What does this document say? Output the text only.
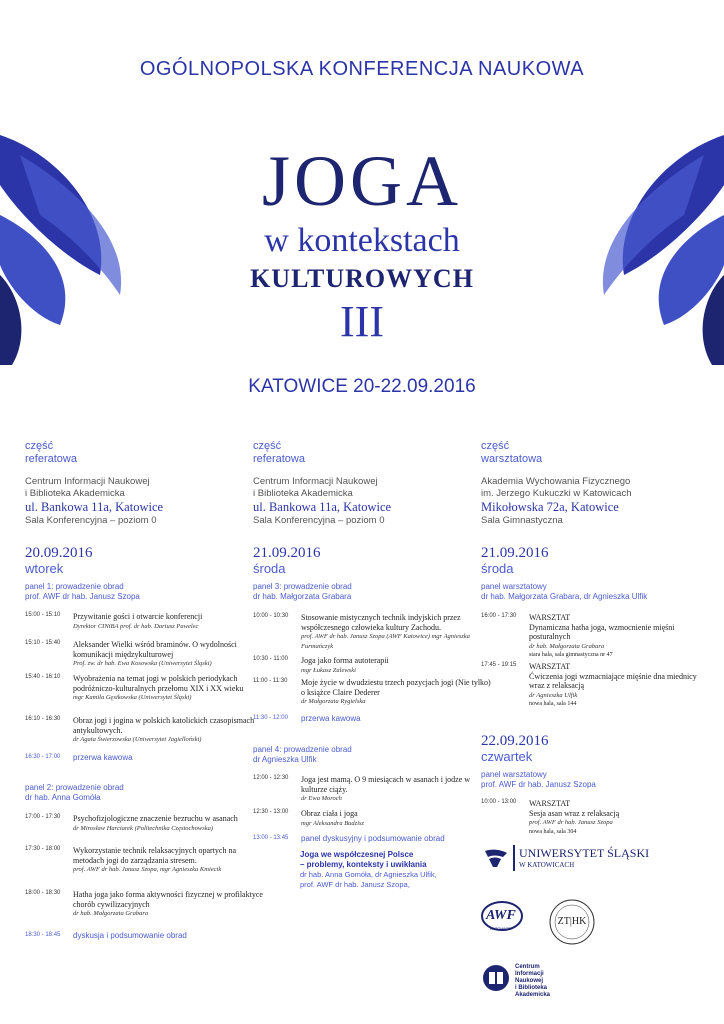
OGÓLNOPOLSKA KONFERENCJA NAUKOWA
JOGA
w kontekstach
KULTUROWYCH
III
KATOWICE 20-22.09.2016
część
referatowa
Centrum Informacji Naukowej
i Biblioteka Akademicka
ul. Bankowa 11a, Katowice
Sala Konferencyjna – poziom 0
część
referatowa
Centrum Informacji Naukowej
i Biblioteka Akademicka
ul. Bankowa 11a, Katowice
Sala Konferencyjna – poziom 0
część
warsztatowa
Akademia Wychowania Fizycznego
im. Jerzego Kukuczki w Katowicach
Mikołowska 72a, Katowice
Sala Gimnastyczna
20.09.2016
wtorek
panel 1: prowadzenie obrad
prof. AWF dr hab. Janusz Szopa
15:00 - 15:10 Przywitanie gości i otwarcie konferencji
Dyrektor CINiBA prof. dr hab. Dariusz Pawelec
15:10 - 15:40 Aleksander Wielki wśród braminów. O wydolności komunikacji międzykulturowej
Prof. zw. dr hab. Ewa Kosowska (Uniwersytet Śląski)
15:40 - 16:10 Wyobrażenia na temat jogi w polskich periodykach podróżniczo-kulturalnych przełomu XIX i XX wieku
mgr Kamila Gęsikowska (Uniwersytet Śląski)
16:10 - 16:30 Obraz jogi i jogina w polskich katolickich czasopismach antykultowych.
dr Agata Świerzowska (Uniwersytet Jagielloński)
16:30 - 17:00 przerwa kawowa
panel 2: prowadzenie obrad
dr hab. Anna Gomóła
17:00 - 17:30 Psychofizjologiczne znaczenie bezruchu w asanach
dr Mirosław Harciarek (Politechnika Częstochowska)
17:30 - 18:00 Wykorzystanie technik relaksacyjnych opartych na metodach jogi do zarządzania stresem.
prof. AWF dr hab. Janusz Szopa, mgr Agnieszka Kmiecik
18:00 - 18:30 Hatha joga jako forma aktywności fizycznej w profilaktyce chorób cywilizacyjnych
dr hab. Małgorzata Grabara
18:30 - 18:45 dyskusja i podsumowanie obrad
21.09.2016
środa
panel 3: prowadzenie obrad
dr hab. Małgorzata Grabara
10:00 - 10:30 Stosowanie mistycznych technik indyjskich przez współczesnego człowieka kultury Zachodu.
prof. AWF dr hab. Janusz Szopa (AWF Katowice) mgr Agnieszka Furmańczyk
10:30 - 11:00 Joga jako forma autoterapii
mgr Łukasz Zalewski
11:00 - 11:30 Moje życie w dwudziestu trzech pozycjach jogi (Nie tylko) o książce Claire Dederer
dr Małgorzata Rygielska
11:30 - 12:00 przerwa kawowa
panel 4: prowadzenie obrad
dr Agnieszka Ulfik
12:00 - 12:30 Joga jest mamą. O 9 miesiącach w asanach i jodze w kulturze ciąży.
dr Ewa Moroch
12:30 - 13:00 Obraz ciała i joga
mgr Aleksandra Budzisz
13:00 - 13:45 panel dyskusyjny i podsumowanie obrad
Joga we współczesnej Polsce
– problemy, konteksty i uwikłania
dr hab. Anna Gomóła, dr Agnieszka Ulfik,
prof. AWF dr hab. Janusz Szopa,
21.09.2016
środa
panel warsztatowy
dr hab. Małgorzata Grabara, dr Agnieszka Ulfik
16:00 - 17:30 WARSZTAT
Dynamiczna hatha joga, wzmocnienie mięśni posturalnych
dr hab. Małgorzata Grabara
stara hala, sala gimnastyczna nr 47
17:45 - 19:15 WARSZTAT
Ćwiczenia jogi wzmacniające mięśnie dna miednicy wraz z relaksacją
dr Agnieszka Ulfik
nowa hala, sala 144
22.09.2016
czwartek
panel warsztatowy
prof. AWF dr hab. Janusz Szopa
10:00 - 13:00 WARSZTAT
Sesja asan wraz z relaksacją
prof. AWF dr hab. Janusz Szopa
nowa hala, sala 304
UNIWERSYTET ŚLĄSKI
W KATOWICACH
AWF
KATOWICE
ZT|HK
Centrum
Informacji
Naukowej
i Biblioteka
Akademicka
